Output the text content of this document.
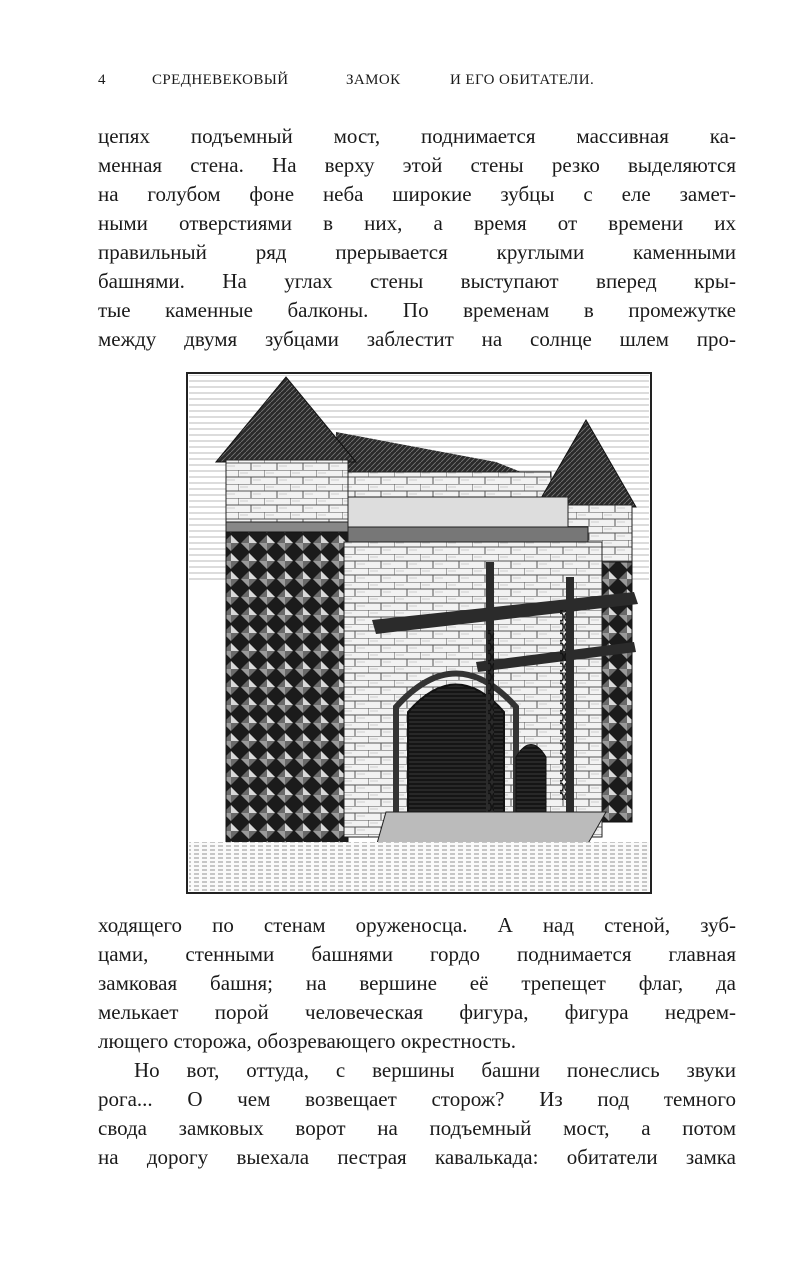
4	СРЕДНЕВЕКОВЫЙ	ЗАМОК	И ЕГО ОБИТАТЕЛИ.
цепях подъемный мост, поднимается массивная ка-
менная стена. На верху этой стены резко выделяются
на голубом фоне неба широкие зубцы с еле замет-
ными отверстиями в них, а время от времени их
правильный ряд прерывается круглыми каменными
башнями. На углах стены выступают вперед кры-
тые каменные балконы. По временам в промежутке
между двумя зубцами заблестит на солнце шлем про-
ходящего по стенам оруженосца. А над стеной, зуб-
цами, стенными башнями гордо поднимается главная
замковая башня; на вершине её трепещет флаг, да
мелькает порой человеческая фигура, фигура недрем-
лющего сторожа, обозревающего окрестность.
Но вот, оттуда, с вершины башни понеслись звуки
рога... О чем возвещает сторож? Из под темного
свода замковых ворот на подъемный мост, а потом
на дорогу выехала пестрая кавалькада: обитатели замка
